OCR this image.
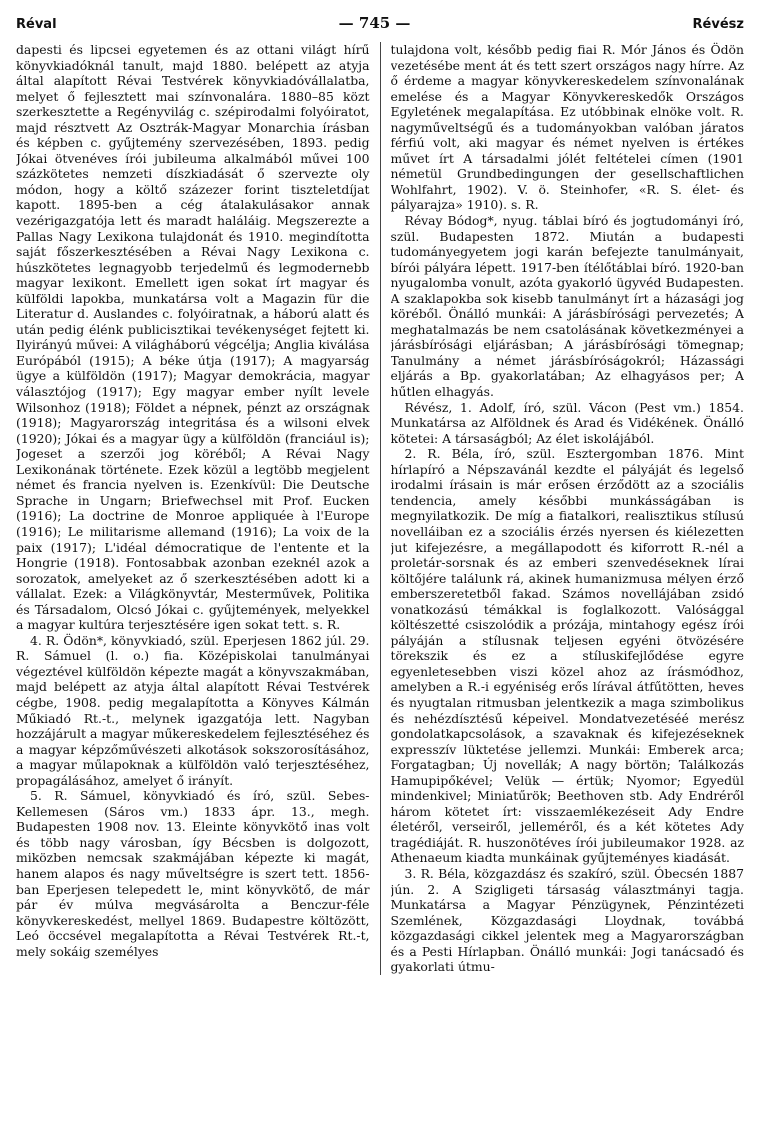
Réval	— 745 —	Révész

dapesti és lipcsei egyetemen és az ottani világt hírű könyvkiadóknál tanult, majd 1880. belépett az atyja által alapított Révai Testvérek könyvkiadóvállalatba, melyet ő fejlesztett mai színvonalára. 1880–85 közt szerkesztette a Regényvilág c. szépirodalmi folyóiratot, majd résztvett Az Osztrák-Magyar Monarchia írásban és képben c. gyűjtemény szervezésében, 1893. pedig Jókai ötvenéves írói jubileuma alkalmából művei 100 százkötetes nemzeti díszkiadását ő szervezte oly módon, hogy a költő százezer forint tiszteletdíjat kapott. 1895-ben a cég átalakulásakor annak vezérigazgatója lett és maradt haláláig. Megszerezte a Pallas Nagy Lexikona tulajdonát és 1910. megindította saját főszerkesztésében a Révai Nagy Lexikona c. húszkötetes legnagyobb terjedelmű és legmodernebb magyar lexikont. Emellett igen sokat írt magyar és külföldi lapokba, munkatársa volt a Magazin für die Literatur d. Auslandes c. folyóiratnak, a háború alatt és után pedig élénk publicisztikai tevékenységet fejtett ki. Ilyirányú művei: A világháború végcélja; Anglia kiválása Európából (1915); A béke útja (1917); A magyarság ügye a külföldön (1917); Magyar demokrácia, magyar választójog (1917); Egy magyar ember nyílt levele Wilsonhoz (1918); Földet a népnek, pénzt az országnak (1918); Magyarország integritása és a wilsoni elvek (1920); Jókai és a magyar ügy a külföldön (franciául is); Jogeset a szerzői jog köréből; A Révai Nagy Lexikonának története. Ezek közül a legtöbb megjelent német és francia nyelven is. Ezenkívül: Die Deutsche Sprache in Ungarn; Briefwechsel mit Prof. Eucken (1916); La doctrine de Monroe appliquée à l'Europe (1916); Le militarisme allemand (1916); La voix de la paix (1917); L'idéal démocratique de l'entente et la Hongrie (1918). Fontosabbak azonban ezeknél azok a sorozatok, amelyeket az ő szerkesztésében adott ki a vállalat. Ezek: a Világkönyvtár, Mesterművek, Politika és Társadalom, Olcsó Jókai c. gyűjtemények, melyekkel a magyar kultúra terjesztésére igen sokat tett. s. R.

4. R. Ödön*, könyvkiadó, szül. Eperjesen 1862 júl. 29. R. Sámuel (l. o.) fia. Középiskolai tanulmányai végeztével külföldön képezte magát a könyvszakmában, majd belépett az atyja által alapított Révai Testvérek cégbe, 1908. pedig megalapította a Könyves Kálmán Műkiadó Rt.-t., melynek igazgatója lett. Nagyban hozzájárult a magyar műkereskedelem fejlesztéséhez és a magyar képzőművészeti alkotások sokszorosításához, a magyar műlapoknak a külföldön való terjesztéséhez, propagálásához, amelyet ő irányít.

5. R. Sámuel, könyvkiadó és író, szül. Sebes-Kellemesen (Sáros vm.) 1833 ápr. 13., megh. Budapesten 1908 nov. 13. Eleinte könyvkötő inas volt és több nagy városban, így Bécsben is dolgozott, miközben nemcsak szakmájában képezte ki magát, hanem alapos és nagy műveltségre is szert tett. 1856-ban Eperjesen telepedett le, mint könyvkötő, de már pár év múlva megvásárolta a Benczur-féle könyvkereskedést, mellyel 1869. Budapestre költözött, Leó öccsével megalapította a Révai Testvérek Rt.-t, mely sokáig személyes

tulajdona volt, később pedig fiai R. Mór János és Ödön vezetésébe ment át és tett szert országos nagy hírre. Az ő érdeme a magyar könyvkereskedelem színvonalának emelése és a Magyar Könyvkereskedők Országos Egyletének megalapítása. Ez utóbbinak elnöke volt. R. nagyműveltségű és a tudományokban valóban járatos férfiú volt, aki magyar és német nyelven is értékes művet írt A társadalmi jólét feltételei címen (1901 németül Grundbedingungen der gesellschaftlichen Wohlfahrt, 1902). V. ö. Steinhofer, «R. S. élet- és pályarajza» 1910). s. R.

Révay Bódog*, nyug. táblai bíró és jogtudományi író, szül. Budapesten 1872. Miután a budapesti tudományegyetem jogi karán befejezte tanulmányait, bírói pályára lépett. 1917-ben ítélőtáblai bíró. 1920-ban nyugalomba vonult, azóta gyakorló ügyvéd Budapesten. A szaklapokba sok kisebb tanulmányt írt a házasági jog köréből. Önálló munkái: A járásbírósági pervezetés; A meghatalmazás be nem csatolásának következményei a járásbírósági eljárásban; A járásbírósági tömegnap; Tanulmány a német járásbíróságokról; Házassági eljárás a Bp. gyakorlatában; Az elhagyásos per; A hűtlen elhagyás.

Révész, 1. Adolf, író, szül. Vácon (Pest vm.) 1854. Munkatársa az Alföldnek és Arad és Vidékének. Önálló kötetei: A társaságból; Az élet iskolájából.

2. R. Béla, író, szül. Esztergomban 1876. Mint hírlapíró a Népszavánál kezdte el pályáját és legelső irodalmi írásain is már erősen érződött az a szociális tendencia, amely későbbi munkásságában is megnyilatkozik. De míg a fiatalkori, realisztikus stílusú novelláiban ez a szociális érzés nyersen és kiélezetten jut kifejezésre, a megállapodott és kiforrott R.-nél a proletár-sorsnak és az emberi szenvedéseknek lírai költőjére találunk rá, akinek humanizmusa mélyen érző emberszeretetből fakad. Számos novellájában zsidó vonatkozású témákkal is foglalkozott. Valósággal költészetté csiszolódik a prózája, mintahogy egész írói pályáján a stílusnak teljesen egyéni ötvözésére törekszik és ez a stíluskifejlődése egyre egyenletesebben viszi közel ahoz az írásmódhoz, amelyben a R.-i egyéniség erős lírával átfűtötten, heves és nyugtalan ritmusban jelentkezik a maga szimbolikus és nehézdísztésű képeivel. Mondatvezetéséé merész gondolatkapcsolások, a szavaknak és kifejezéseknek expresszív lüktetése jellemzi. Munkái: Emberek arca; Forgatagban; Új novellák; A nagy börtön; Találkozás Hamupipőkével; Velük — értük; Nyomor; Egyedül mindenkivel; Miniatűrök; Beethoven stb. Ady Endréről három kötetet írt: visszaemlékezéseit Ady Endre életéről, verseiről, jelleméről, és a két kötetes Ady tragédiáját. R. huszonötéves írói jubileumakor 1928. az Athenaeum kiadta munkáinak gyűjteményes kiadását.

3. R. Béla, közgazdász és szakíró, szül. Óbecsén 1887 jún. 2. A Szigligeti társaság választmányi tagja. Munkatársa a Magyar Pénzügynek, Pénzintézeti Szemlének, Közgazdasági Lloydnak, továbbá közgazdasági cikkel jelentek meg a Magyarországban és a Pesti Hírlapban. Önálló munkái: Jogi tanácsadó és gyakorlati útmu-
